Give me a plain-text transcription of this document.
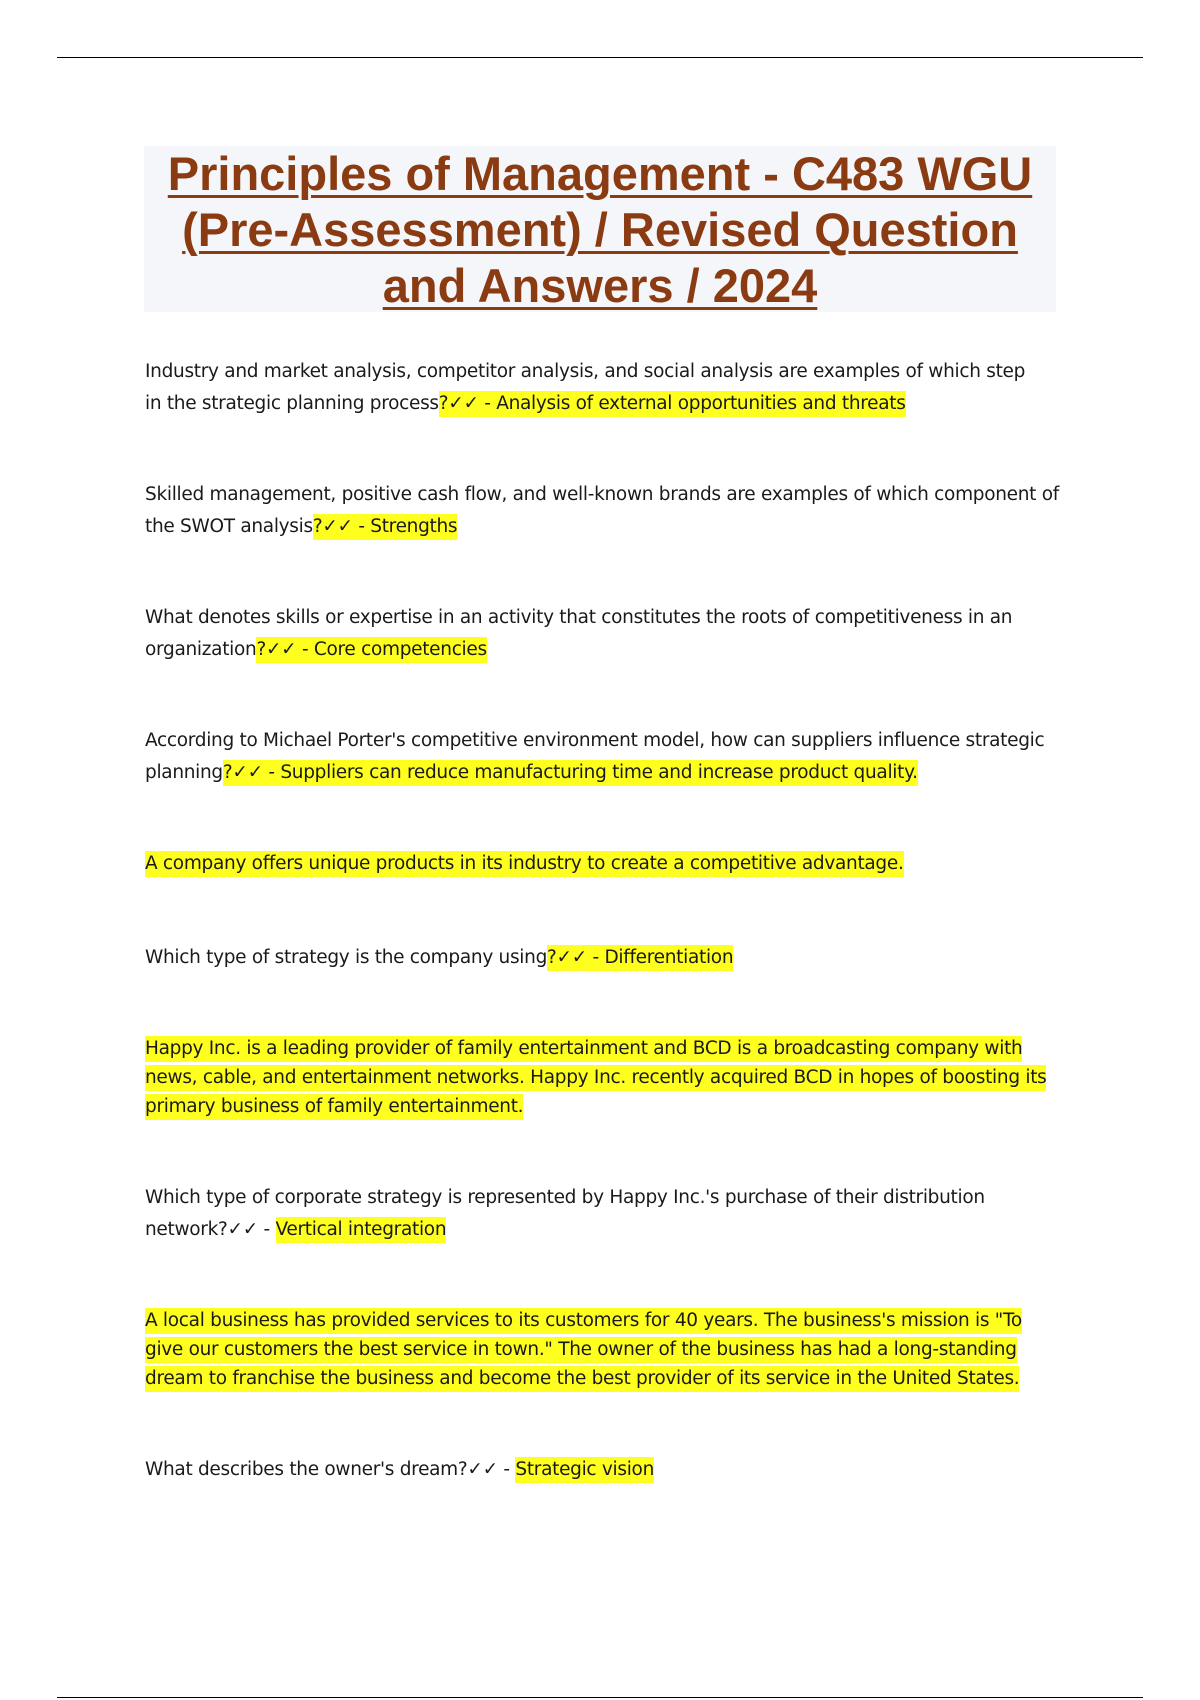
Principles of Management - C483 WGU (Pre-Assessment) / Revised Question and Answers / 2024

Industry and market analysis, competitor analysis, and social analysis are examples of which step in the strategic planning process?✓✓ - Analysis of external opportunities and threats

Skilled management, positive cash flow, and well-known brands are examples of which component of the SWOT analysis?✓✓ - Strengths

What denotes skills or expertise in an activity that constitutes the roots of competitiveness in an organization?✓✓ - Core competencies

According to Michael Porter's competitive environment model, how can suppliers influence strategic planning?✓✓ - Suppliers can reduce manufacturing time and increase product quality.

A company offers unique products in its industry to create a competitive advantage.

Which type of strategy is the company using?✓✓ - Differentiation

Happy Inc. is a leading provider of family entertainment and BCD is a broadcasting company with news, cable, and entertainment networks. Happy Inc. recently acquired BCD in hopes of boosting its primary business of family entertainment.

Which type of corporate strategy is represented by Happy Inc.'s purchase of their distribution network?✓✓ - Vertical integration

A local business has provided services to its customers for 40 years. The business's mission is "To give our customers the best service in town." The owner of the business has had a long-standing dream to franchise the business and become the best provider of its service in the United States.

What describes the owner's dream?✓✓ - Strategic vision
